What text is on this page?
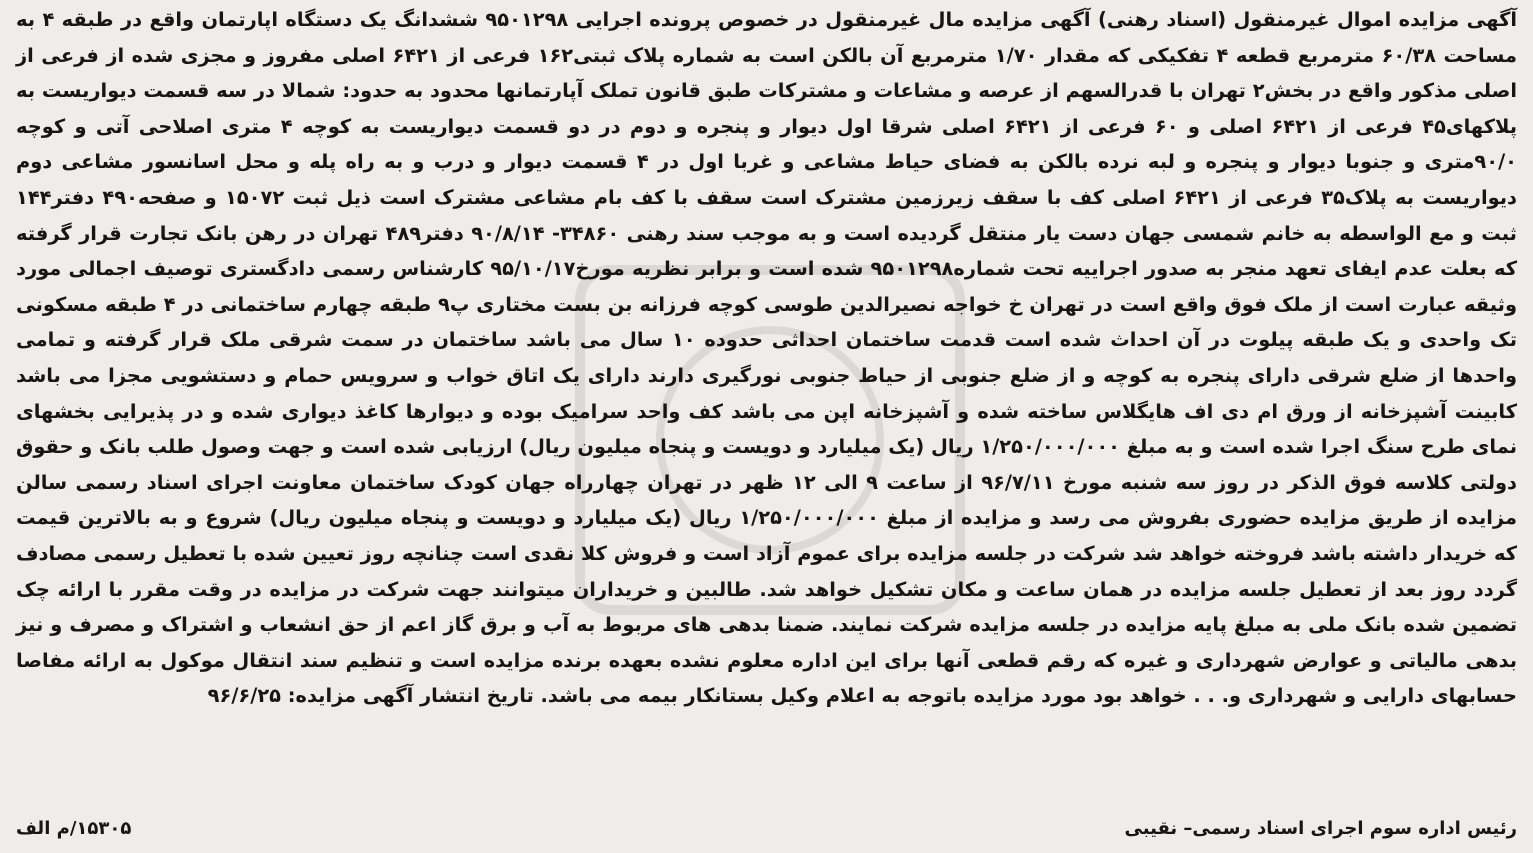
آگهی مزایده اموال غیرمنقول (اسناد رهنی) آگهی مزایده مال غیرمنقول در خصوص پرونده اجرایی ۹۵۰۱۲۹۸ ششدانگ یک دستگاه اپارتمان واقع در طبقه ۴ به مساحت ۶۰/۳۸ مترمربع قطعه ۴ تفکیکی که مقدار ۱/۷۰ مترمربع آن بالکن است به شماره پلاک ثبتی۱۶۲ فرعی از ۶۴۲۱ اصلی مفروز و مجزی شده از فرعی از اصلی مذکور واقع در بخش۲ تهران با قدرالسهم از عرصه و مشاعات و مشترکات طبق قانون تملک آپارتمانها محدود به حدود: شمالا در سه قسمت دیواریست به پلاکهای۴۵ فرعی از ۶۴۲۱ اصلی و ۶۰ فرعی از ۶۴۲۱ اصلی شرقا اول دیوار و پنجره و دوم در دو قسمت دیواریست به کوچه ۴ متری اصلاحی آتی و کوچه ۹۰/۰متری و جنوبا دیوار و پنجره و لبه نرده بالکن به فضای حیاط مشاعی و غربا اول در ۴ قسمت دیوار و درب و به راه پله و محل اسانسور مشاعی دوم دیواریست به پلاک۳۵ فرعی از ۶۴۲۱ اصلی کف با سقف زیرزمین مشترک است سقف با کف بام مشاعی مشترک است ذیل ثبت ۱۵۰۷۲ و صفحه۴۹۰ دفتر۱۴۴ ثبت و مع الواسطه به خانم شمسی جهان دست یار منتقل گردیده است و به موجب سند رهنی ۳۴۸۶۰- ۹۰/۸/۱۴ دفتر۴۸۹ تهران در رهن بانک تجارت قرار گرفته که بعلت عدم ایفای تعهد منجر به صدور اجراییه تحت شماره۹۵۰۱۲۹۸ شده است و برابر نظریه مورخ۹۵/۱۰/۱۷ کارشناس رسمی دادگستری توصیف اجمالی مورد وثیقه عبارت است از ملک فوق واقع است در تهران خ خواجه نصیرالدین طوسی کوچه فرزانه بن بست مختاری پ۹ طبقه چهارم ساختمانی در ۴ طبقه مسکونی تک واحدی و یک طبقه پیلوت در آن احداث شده است قدمت ساختمان احداثی حدوده ۱۰ سال می باشد ساختمان در سمت شرقی ملک قرار گرفته و تمامی واحدها از ضلع شرقی دارای پنجره به کوچه و از ضلع جنوبی از حیاط جنوبی نورگیری دارند دارای یک اتاق خواب و سرویس حمام و دستشویی مجزا می باشد کابینت آشپزخانه از ورق ام دی اف هایگلاس ساخته شده و آشپزخانه اپن می باشد کف واحد سرامیک بوده و دیوارها کاغذ دیواری شده و در پذیرایی بخشهای نمای طرح سنگ اجرا شده است و به مبلغ ۱/۲۵۰/۰۰۰/۰۰۰ ریال (یک میلیارد و دویست و پنجاه میلیون ریال) ارزیابی شده است و جهت وصول طلب بانک و حقوق دولتی کلاسه فوق الذکر در روز سه شنبه مورخ ۹۶/۷/۱۱ از ساعت ۹ الی ۱۲ ظهر در تهران چهارراه جهان کودک ساختمان معاونت اجرای اسناد رسمی سالن مزایده از طریق مزایده حضوری بفروش می رسد و مزایده از مبلغ ۱/۲۵۰/۰۰۰/۰۰۰ ریال (یک میلیارد و دویست و پنجاه میلیون ریال) شروع و به بالاترین قیمت که خریدار داشته باشد فروخته خواهد شد شرکت در جلسه مزایده برای عموم آزاد است و فروش کلا نقدی است چنانچه روز تعیین شده با تعطیل رسمی مصادف گردد روز بعد از تعطیل جلسه مزایده در همان ساعت و مکان تشکیل خواهد شد. طالبین و خریداران میتوانند جهت شرکت در مزایده در وقت مقرر با ارائه چک تضمین شده بانک ملی به مبلغ پایه مزایده در جلسه مزایده شرکت نمایند. ضمنا بدهی های مربوط به آب و برق گاز اعم از حق انشعاب و اشتراک و مصرف و نیز بدهی مالیاتی و عوارض شهرداری و غیره که رقم قطعی آنها برای این اداره معلوم نشده بعهده برنده مزایده است و تنظیم سند انتقال موکول به ارائه مفاصا حسابهای دارایی و شهرداری و. . . خواهد بود مورد مزایده باتوجه به اعلام وکیل بستانکار بیمه می باشد. تاریخ انتشار آگهی مزایده: ۹۶/۶/۲۵

۱۵۳۰۵/م الف	رئیس اداره سوم اجرای اسناد رسمی– نقیبی
